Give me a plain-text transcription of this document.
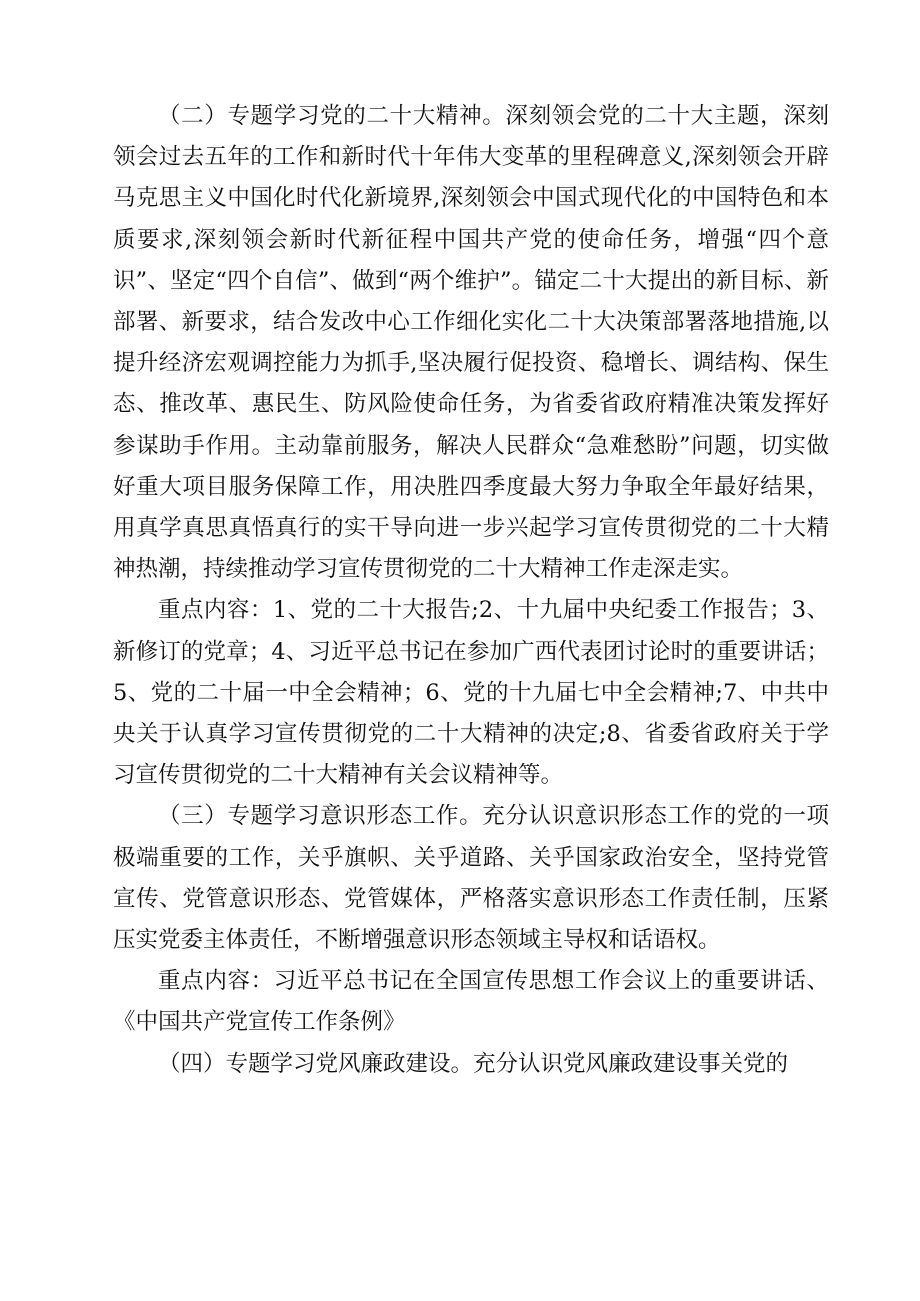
（二）专题学习党的二十大精神。深刻领会党的二十大主题，深刻领会过去五年的工作和新时代十年伟大变革的里程碑意义,深刻领会开辟马克思主义中国化时代化新境界,深刻领会中国式现代化的中国特色和本质要求,深刻领会新时代新征程中国共产党的使命任务，增强“四个意识”、坚定“四个自信”、做到“两个维护”。锚定二十大提出的新目标、新部署、新要求，结合发改中心工作细化实化二十大决策部署落地措施,以提升经济宏观调控能力为抓手,坚决履行促投资、稳增长、调结构、保生态、推改革、惠民生、防风险使命任务，为省委省政府精准决策发挥好参谋助手作用。主动靠前服务，解决人民群众“急难愁盼”问题，切实做好重大项目服务保障工作，用决胜四季度最大努力争取全年最好结果，用真学真思真悟真行的实干导向进一步兴起学习宣传贯彻党的二十大精神热潮，持续推动学习宣传贯彻党的二十大精神工作走深走实。

重点内容：1、党的二十大报告;2、十九届中央纪委工作报告；3、新修订的党章；4、习近平总书记在参加广西代表团讨论时的重要讲话；5、党的二十届一中全会精神；6、党的十九届七中全会精神;7、中共中央关于认真学习宣传贯彻党的二十大精神的决定;8、省委省政府关于学习宣传贯彻党的二十大精神有关会议精神等。

（三）专题学习意识形态工作。充分认识意识形态工作的党的一项极端重要的工作，关乎旗帜、关乎道路、关乎国家政治安全，坚持党管宣传、党管意识形态、党管媒体，严格落实意识形态工作责任制，压紧压实党委主体责任，不断增强意识形态领域主导权和话语权。

重点内容：习近平总书记在全国宣传思想工作会议上的重要讲话、《中国共产党宣传工作条例》

（四）专题学习党风廉政建设。充分认识党风廉政建设事关党的
